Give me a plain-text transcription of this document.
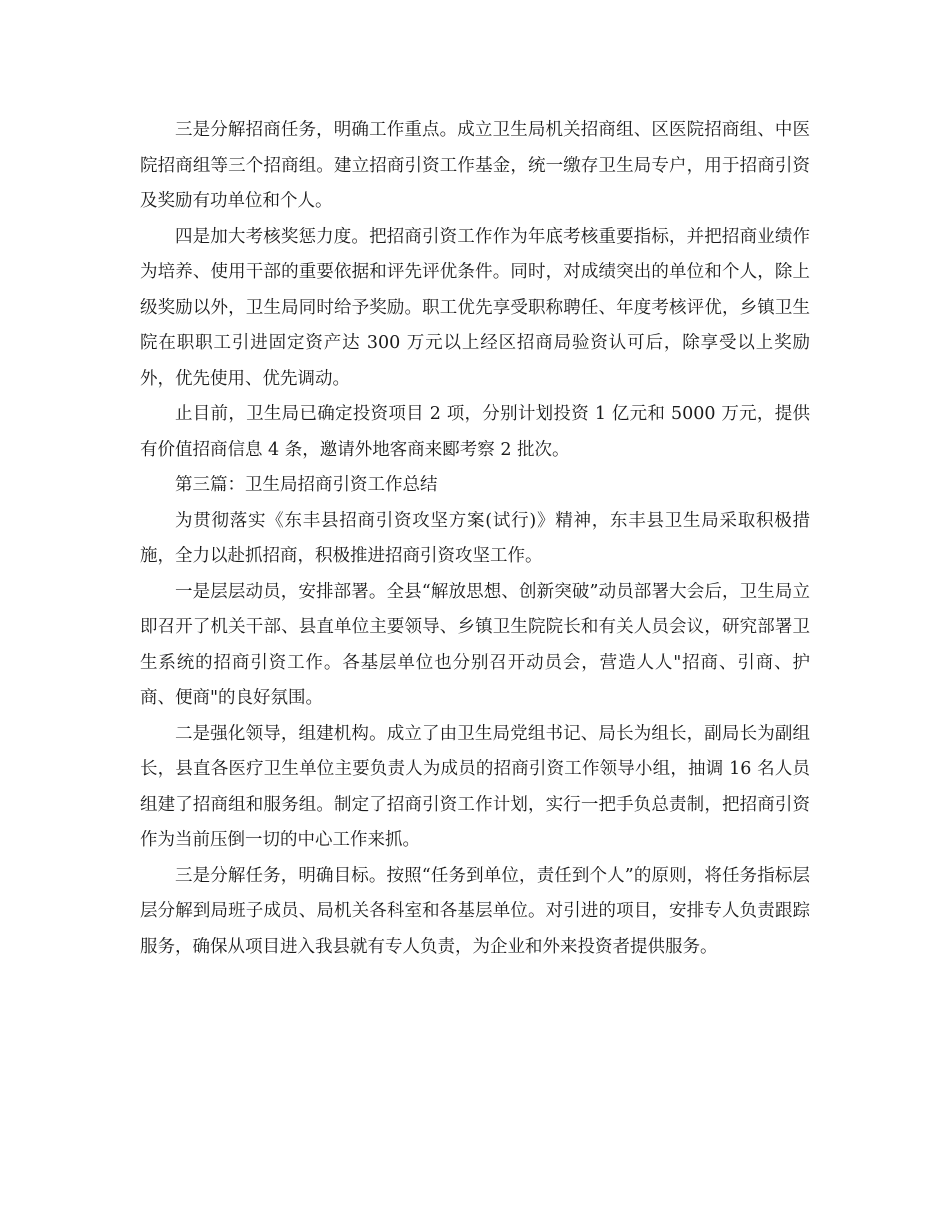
三是分解招商任务，明确工作重点。成立卫生局机关招商组、区医院招商组、中医院招商组等三个招商组。建立招商引资工作基金，统一缴存卫生局专户，用于招商引资及奖励有功单位和个人。

四是加大考核奖惩力度。把招商引资工作作为年底考核重要指标，并把招商业绩作为培养、使用干部的重要依据和评先评优条件。同时，对成绩突出的单位和个人，除上级奖励以外，卫生局同时给予奖励。职工优先享受职称聘任、年度考核评优，乡镇卫生院在职职工引进固定资产达 300 万元以上经区招商局验资认可后，除享受以上奖励外，优先使用、优先调动。

止目前，卫生局已确定投资项目 2 项，分别计划投资 1 亿元和 5000 万元，提供有价值招商信息 4 条，邀请外地客商来郾考察 2 批次。

第三篇：卫生局招商引资工作总结

为贯彻落实《东丰县招商引资攻坚方案(试行)》精神，东丰县卫生局采取积极措施，全力以赴抓招商，积极推进招商引资攻坚工作。

一是层层动员，安排部署。全县“解放思想、创新突破”动员部署大会后，卫生局立即召开了机关干部、县直单位主要领导、乡镇卫生院院长和有关人员会议，研究部署卫生系统的招商引资工作。各基层单位也分别召开动员会，营造人人"招商、引商、护商、便商"的良好氛围。

二是强化领导，组建机构。成立了由卫生局党组书记、局长为组长，副局长为副组长，县直各医疗卫生单位主要负责人为成员的招商引资工作领导小组，抽调 16 名人员组建了招商组和服务组。制定了招商引资工作计划，实行一把手负总责制，把招商引资作为当前压倒一切的中心工作来抓。

三是分解任务，明确目标。按照“任务到单位，责任到个人”的原则，将任务指标层层分解到局班子成员、局机关各科室和各基层单位。对引进的项目，安排专人负责跟踪服务，确保从项目进入我县就有专人负责，为企业和外来投资者提供服务。
